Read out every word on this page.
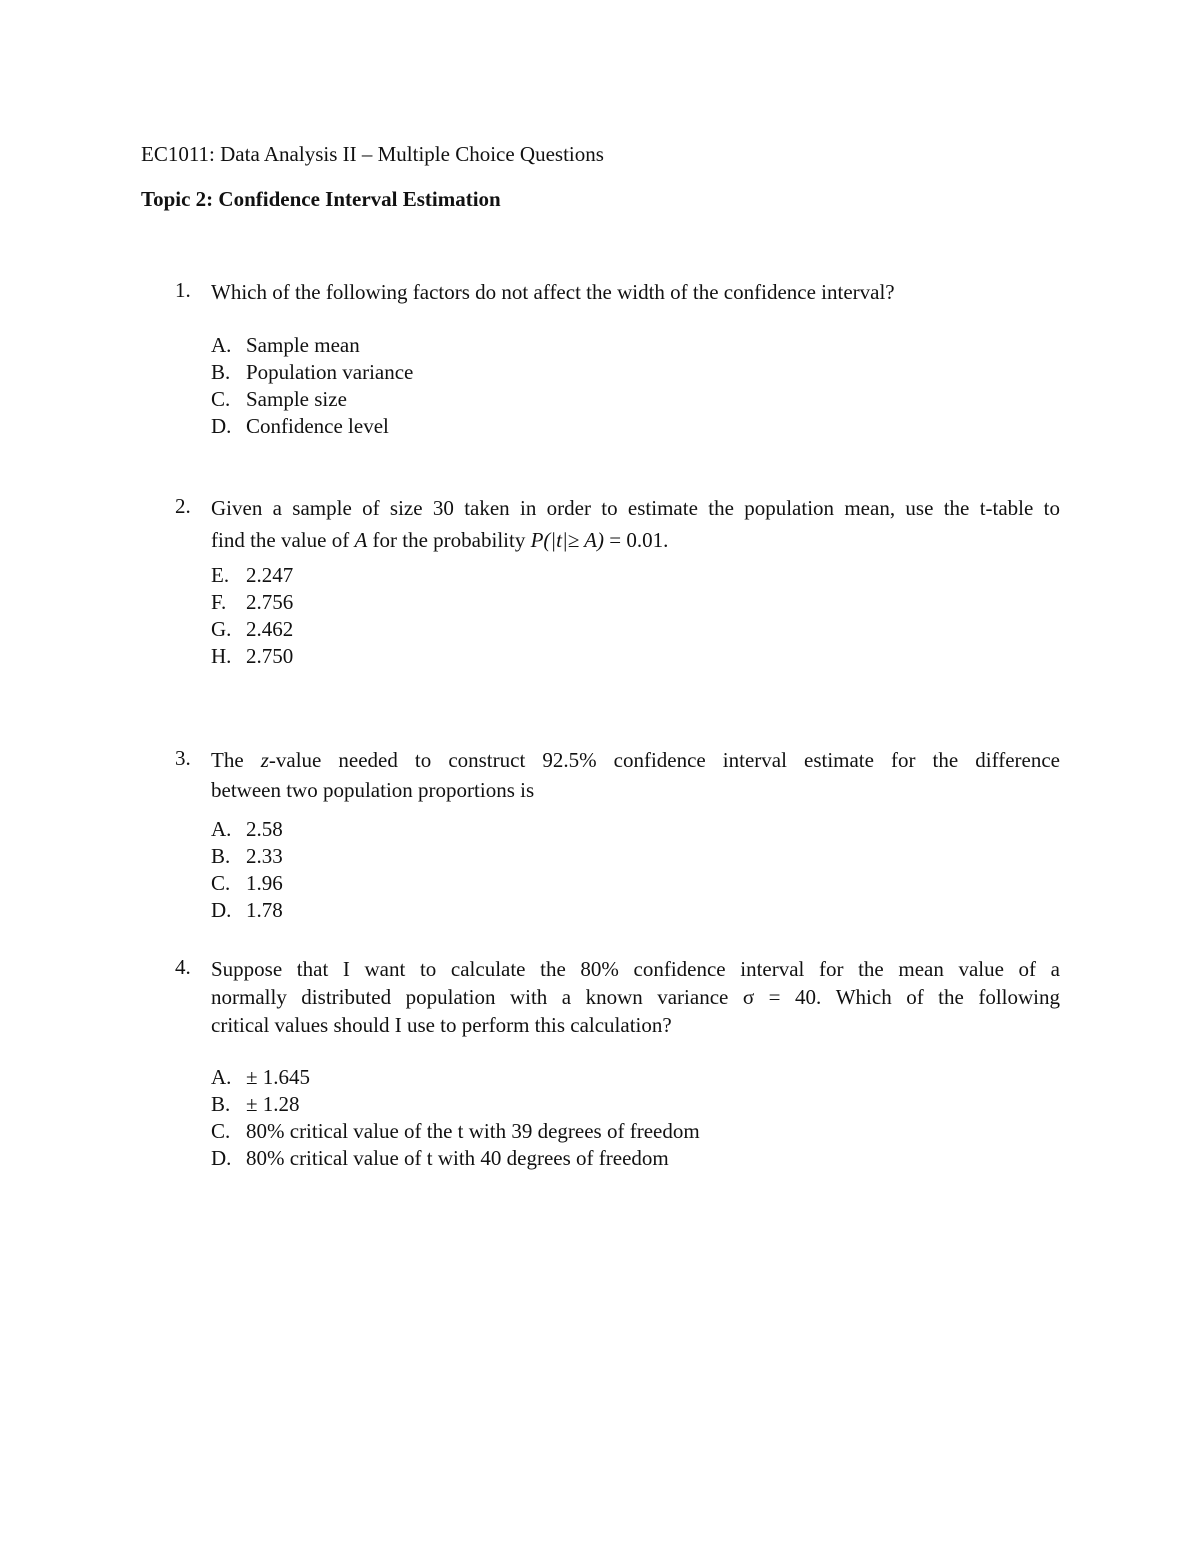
EC1011: Data Analysis II – Multiple Choice Questions
Topic 2: Confidence Interval Estimation
1. Which of the following factors do not affect the width of the confidence interval?
A. Sample mean
B. Population variance
C. Sample size
D. Confidence level
2. Given a sample of size 30 taken in order to estimate the population mean, use the t-table to
find the value of A for the probability P(|t|≥ A) = 0.01.
E. 2.247
F. 2.756
G. 2.462
H. 2.750
3. The z-value needed to construct 92.5% confidence interval estimate for the difference
between two population proportions is
A. 2.58
B. 2.33
C. 1.96
D. 1.78
4. Suppose that I want to calculate the 80% confidence interval for the mean value of a
normally distributed population with a known variance σ = 40. Which of the following
critical values should I use to perform this calculation?
A. ± 1.645
B. ± 1.28
C. 80% critical value of the t with 39 degrees of freedom
D. 80% critical value of t with 40 degrees of freedom
